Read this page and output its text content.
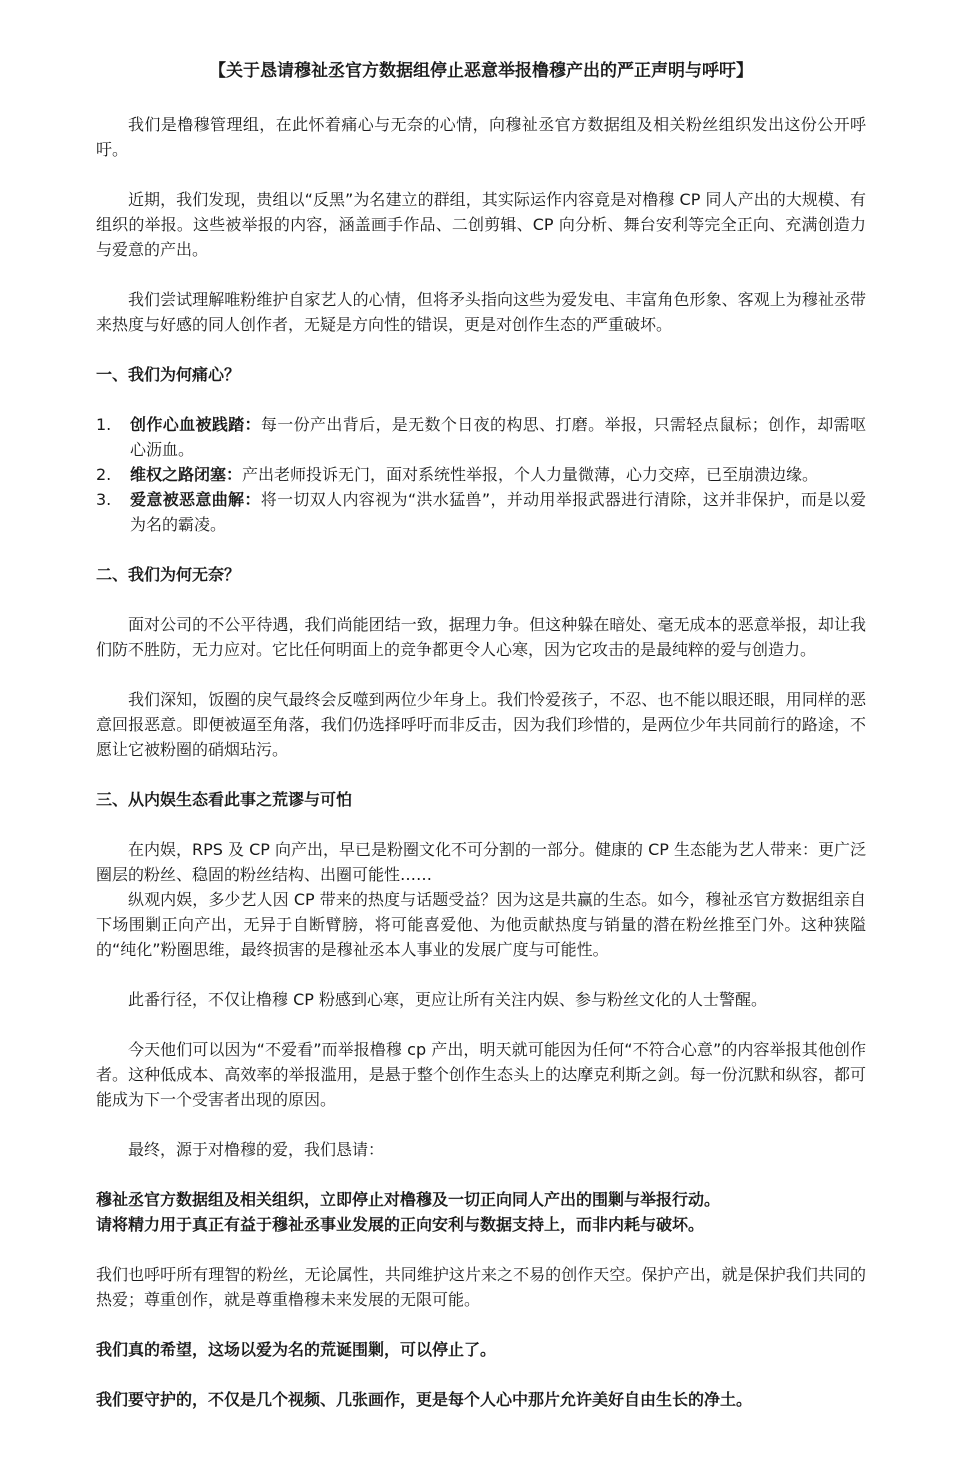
【关于恳请穆祉丞官方数据组停止恶意举报橹穆产出的严正声明与呼吁】

我们是橹穆管理组，在此怀着痛心与无奈的心情，向穆祉丞官方数据组及相关粉丝组织发出这份公开呼吁。

近期，我们发现，贵组以“反黑”为名建立的群组，其实际运作内容竟是对橹穆 CP 同人产出的大规模、有组织的举报。这些被举报的内容，涵盖画手作品、二创剪辑、CP 向分析、舞台安利等完全正向、充满创造力与爱意的产出。

我们尝试理解唯粉维护自家艺人的心情，但将矛头指向这些为爱发电、丰富角色形象、客观上为穆祉丞带来热度与好感的同人创作者，无疑是方向性的错误，更是对创作生态的严重破坏。

一、我们为何痛心？
1. 创作心血被践踏：每一份产出背后，是无数个日夜的构思、打磨。举报，只需轻点鼠标；创作，却需呕心沥血。
2. 维权之路闭塞：产出老师投诉无门，面对系统性举报，个人力量微薄，心力交瘁，已至崩溃边缘。
3. 爱意被恶意曲解：将一切双人内容视为“洪水猛兽”，并动用举报武器进行清除，这并非保护，而是以爱为名的霸凌。
二、我们为何无奈？

面对公司的不公平待遇，我们尚能团结一致，据理力争。但这种躲在暗处、毫无成本的恶意举报，却让我们防不胜防，无力应对。它比任何明面上的竞争都更令人心寒，因为它攻击的是最纯粹的爱与创造力。

我们深知，饭圈的戾气最终会反噬到两位少年身上。我们怜爱孩子，不忍、也不能以眼还眼，用同样的恶意回报恶意。即便被逼至角落，我们仍选择呼吁而非反击，因为我们珍惜的，是两位少年共同前行的路途，不愿让它被粉圈的硝烟玷污。

三、从内娱生态看此事之荒谬与可怕

在内娱，RPS 及 CP 向产出，早已是粉圈文化不可分割的一部分。健康的 CP 生态能为艺人带来：更广泛圈层的粉丝、稳固的粉丝结构、出圈可能性……

纵观内娱，多少艺人因 CP 带来的热度与话题受益？因为这是共赢的生态。如今，穆祉丞官方数据组亲自下场围剿正向产出，无异于自断臂膀，将可能喜爱他、为他贡献热度与销量的潜在粉丝推至门外。这种狭隘的“纯化”粉圈思维，最终损害的是穆祉丞本人事业的发展广度与可能性。

此番行径，不仅让橹穆 CP 粉感到心寒，更应让所有关注内娱、参与粉丝文化的人士警醒。

今天他们可以因为“不爱看”而举报橹穆 cp 产出，明天就可能因为任何“不符合心意”的内容举报其他创作者。这种低成本、高效率的举报滥用，是悬于整个创作生态头上的达摩克利斯之剑。每一份沉默和纵容，都可能成为下一个受害者出现的原因。

最终，源于对橹穆的爱，我们恳请：

穆祉丞官方数据组及相关组织，立即停止对橹穆及一切正向同人产出的围剿与举报行动。

请将精力用于真正有益于穆祉丞事业发展的正向安利与数据支持上，而非内耗与破坏。

我们也呼吁所有理智的粉丝，无论属性，共同维护这片来之不易的创作天空。保护产出，就是保护我们共同的热爱；尊重创作，就是尊重橹穆未来发展的无限可能。

我们真的希望，这场以爱为名的荒诞围剿，可以停止了。

我们要守护的，不仅是几个视频、几张画作，更是每个人心中那片允许美好自由生长的净土。
